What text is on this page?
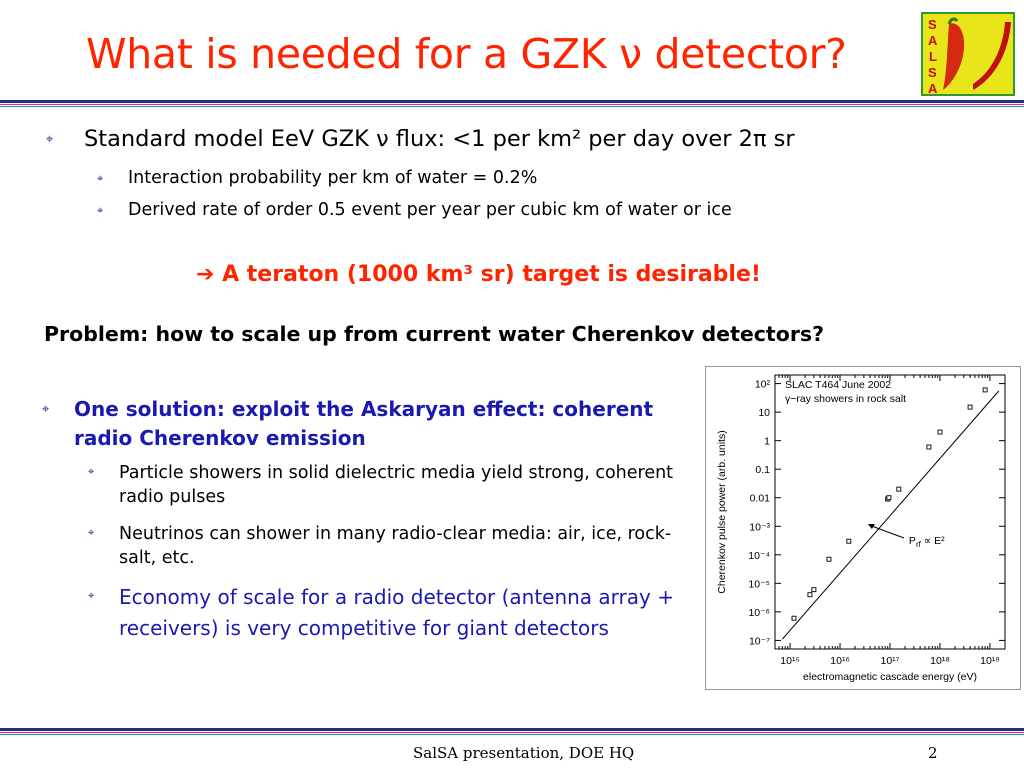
What is needed for a GZK ν detector?
S
A
L
S
A
⌖ Standard model EeV GZK ν flux: <1 per km² per day over 2π sr
⌖ Interaction probability per km of water = 0.2%
⌖ Derived rate of order 0.5 event per year per cubic km of water or ice
➔ A teraton (1000 km³ sr) target is desirable!
Problem: how to scale up from current water Cherenkov detectors?
⌖ One solution: exploit the Askaryan effect: coherent radio Cherenkov emission
⌖ Particle showers in solid dielectric media yield strong, coherent radio pulses
⌖ Neutrinos can shower in many radio-clear media: air, ice, rock-salt, etc.
⌖ Economy of scale for a radio detector (antenna array + receivers) is very competitive for giant detectors
10⁻⁷
10⁻⁶
10⁻⁵
10⁻⁴
10⁻³
0.01
0.1
1
10
10²
10¹⁵	10¹⁶	10¹⁷	10¹⁸	10¹⁹
SLAC T464 June 2002
γ−ray showers in rock salt
$P_{rf} \propto E^2$
electromagnetic cascade energy (eV)
Cherenkov pulse power (arb. units)
SalSA presentation, DOE HQ	2
